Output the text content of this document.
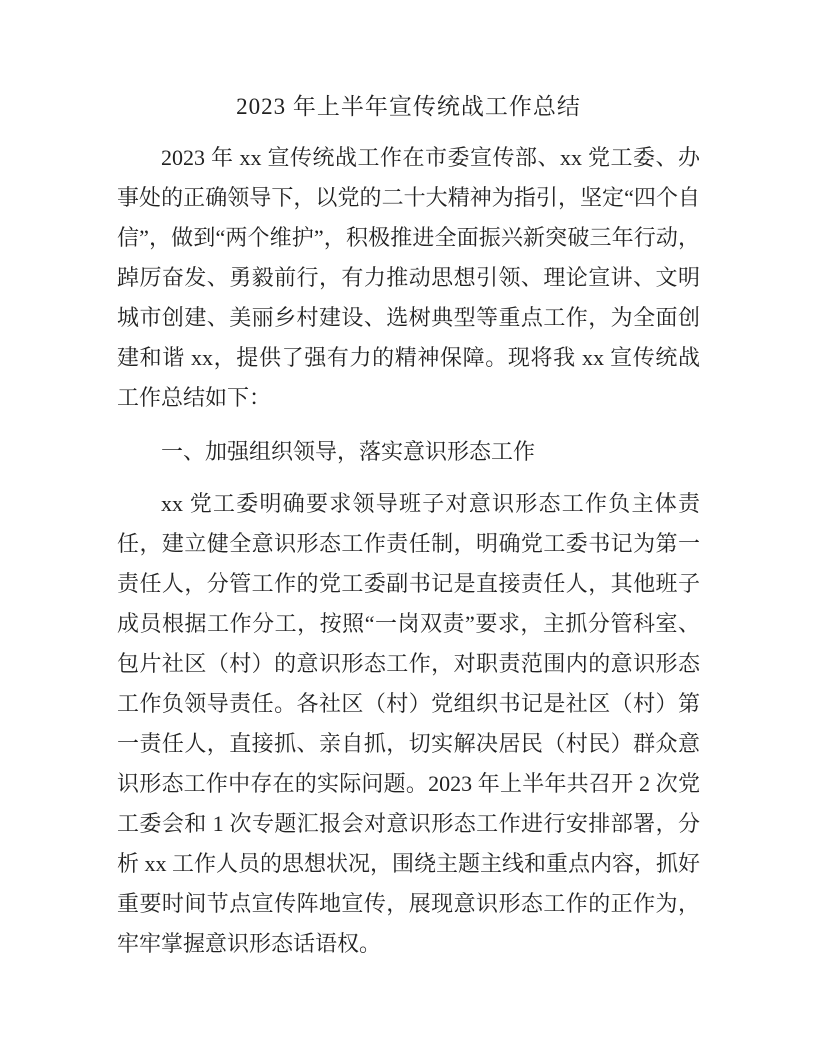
2023 年上半年宣传统战工作总结

2023 年 xx 宣传统战工作在市委宣传部、xx 党工委、办事处的正确领导下，以党的二十大精神为指引，坚定“四个自信”，做到“两个维护”，积极推进全面振兴新突破三年行动，踔厉奋发、勇毅前行，有力推动思想引领、理论宣讲、文明城市创建、美丽乡村建设、选树典型等重点工作，为全面创建和谐 xx，提供了强有力的精神保障。现将我 xx 宣传统战工作总结如下：

一、加强组织领导，落实意识形态工作

xx 党工委明确要求领导班子对意识形态工作负主体责任，建立健全意识形态工作责任制，明确党工委书记为第一责任人，分管工作的党工委副书记是直接责任人，其他班子成员根据工作分工，按照“一岗双责”要求，主抓分管科室、包片社区（村）的意识形态工作，对职责范围内的意识形态工作负领导责任。各社区（村）党组织书记是社区（村）第一责任人，直接抓、亲自抓，切实解决居民（村民）群众意识形态工作中存在的实际问题。2023 年上半年共召开 2 次党工委会和 1 次专题汇报会对意识形态工作进行安排部署，分析 xx 工作人员的思想状况，围绕主题主线和重点内容，抓好重要时间节点宣传阵地宣传，展现意识形态工作的正作为，牢牢掌握意识形态话语权。
